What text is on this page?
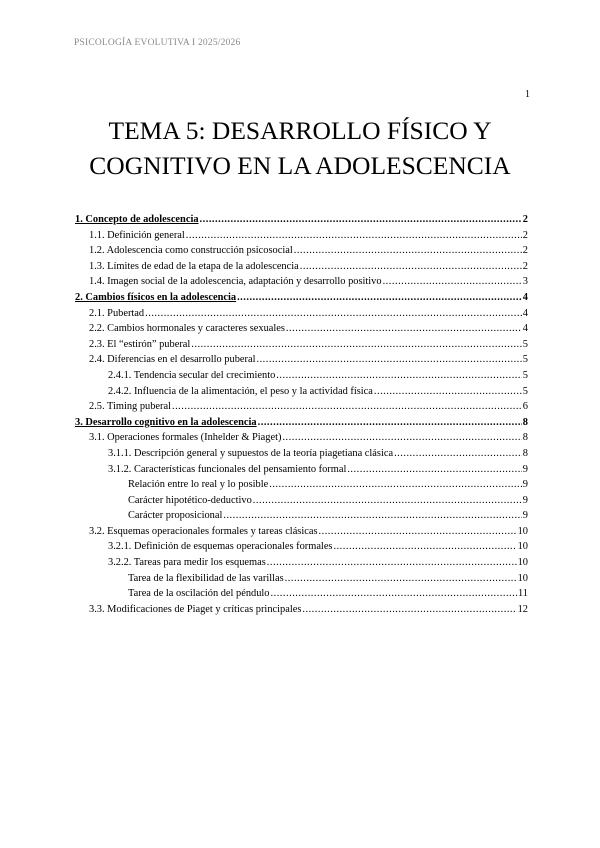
PSICOLOGÍA EVOLUTIVA I 2025/2026
1
TEMA 5: DESARROLLO FÍSICO Y
COGNITIVO EN LA ADOLESCENCIA
1. Concepto de adolescencia .....	2
1.1. Definición general .....	2
1.2. Adolescencia como construcción psicosocial .....	2
1.3. Límites de edad de la etapa de la adolescencia .....	2
1.4. Imagen social de la adolescencia, adaptación y desarrollo positivo .....	3
2. Cambios físicos en la adolescencia .....	4
2.1. Pubertad .....	4
2.2. Cambios hormonales y caracteres sexuales .....	4
2.3. El “estirón” puberal .....	5
2.4. Diferencias en el desarrollo puberal .....	5
2.4.1. Tendencia secular del crecimiento .....	5
2.4.2. Influencia de la alimentación, el peso y la actividad física .....	5
2.5. Timing puberal .....	6
3. Desarrollo cognitivo en la adolescencia .....	8
3.1. Operaciones formales (Inhelder & Piaget) .....	8
3.1.1. Descripción general y supuestos de la teoría piagetiana clásica .....	8
3.1.2. Características funcionales del pensamiento formal .....	9
Relación entre lo real y lo posible .....	9
Carácter hipotético-deductivo .....	9
Carácter proposicional .....	9
3.2. Esquemas operacionales formales y tareas clásicas .....	10
3.2.1. Definición de esquemas operacionales formales .....	10
3.2.2. Tareas para medir los esquemas .....	10
Tarea de la flexibilidad de las varillas .....	10
Tarea de la oscilación del péndulo .....	11
3.3. Modificaciones de Piaget y críticas principales .....	12
